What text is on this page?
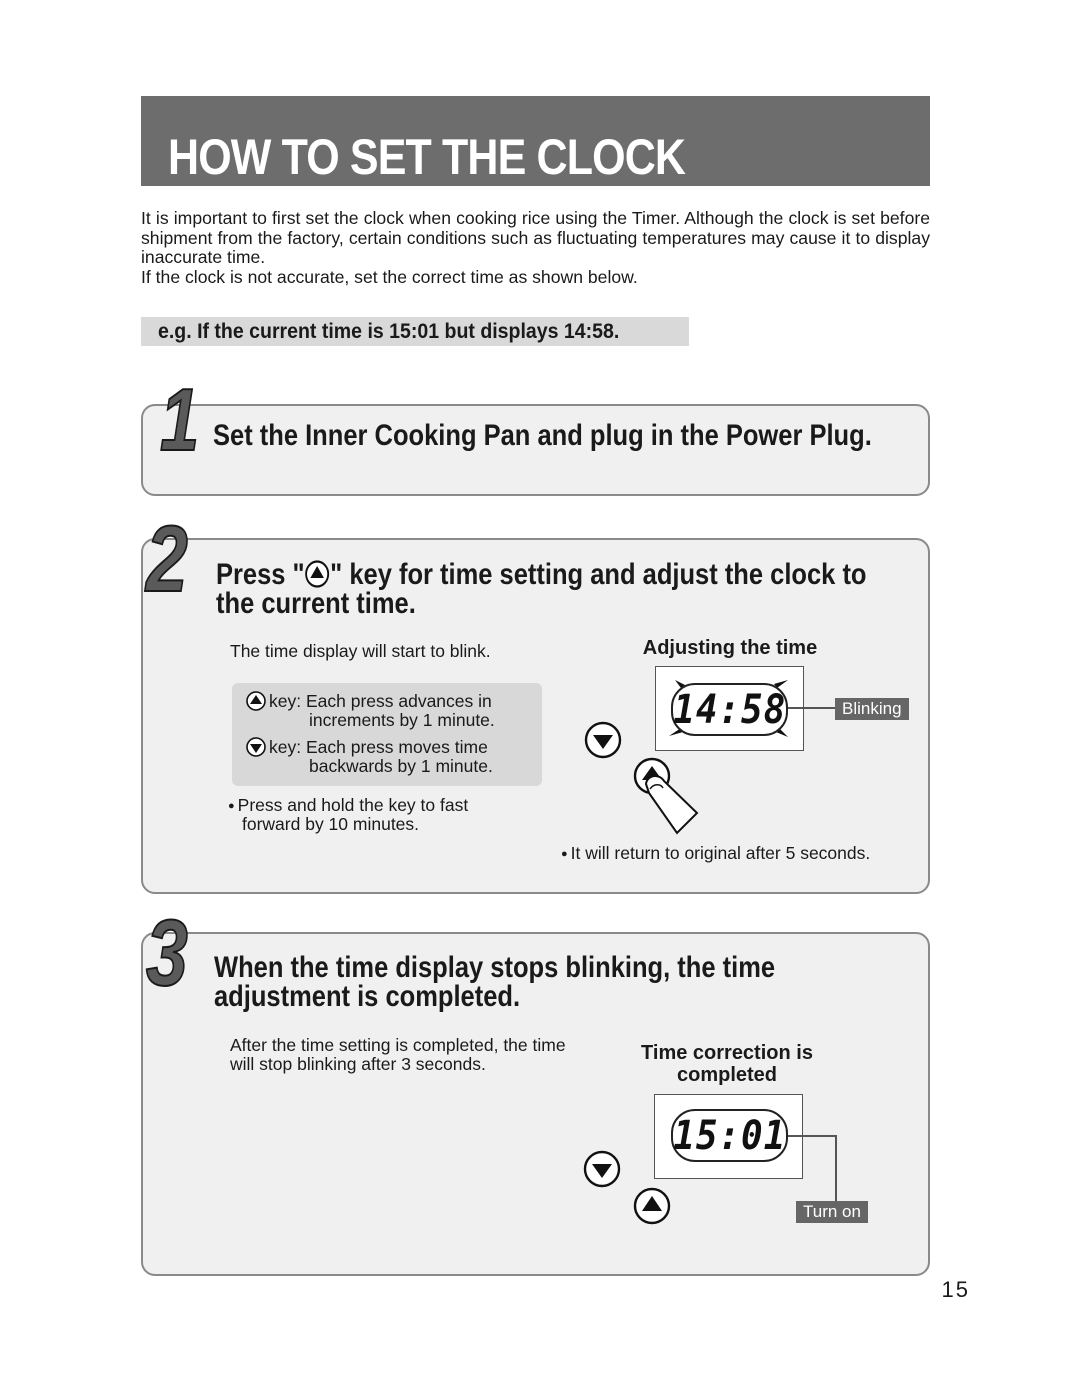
HOW TO SET THE CLOCK

It is important to first set the clock when cooking rice using the Timer. Although the clock is set before shipment from the factory, certain conditions such as fluctuating temperatures may cause it to display inaccurate time.

If the clock is not accurate, set the correct time as shown below.

e.g. If the current time is 15:01 but displays 14:58.
1 Set the Inner Cooking Pan and plug in the Power Plug.
2 Press " " key for time setting and adjust the clock to
the current time.
The time display will start to blink.
key: Each press advances in
increments by 1 minute.
key: Each press moves time
backwards by 1 minute.
● Press and hold the key to fast
forward by 10 minutes.
Adjusting the time
14:58	Blinking
● It will return to original after 5 seconds.
3 When the time display stops blinking, the time
adjustment is completed.
After the time setting is completed, the time
will stop blinking after 3 seconds.	Time correction is
completed
15:01
Turn on
15
